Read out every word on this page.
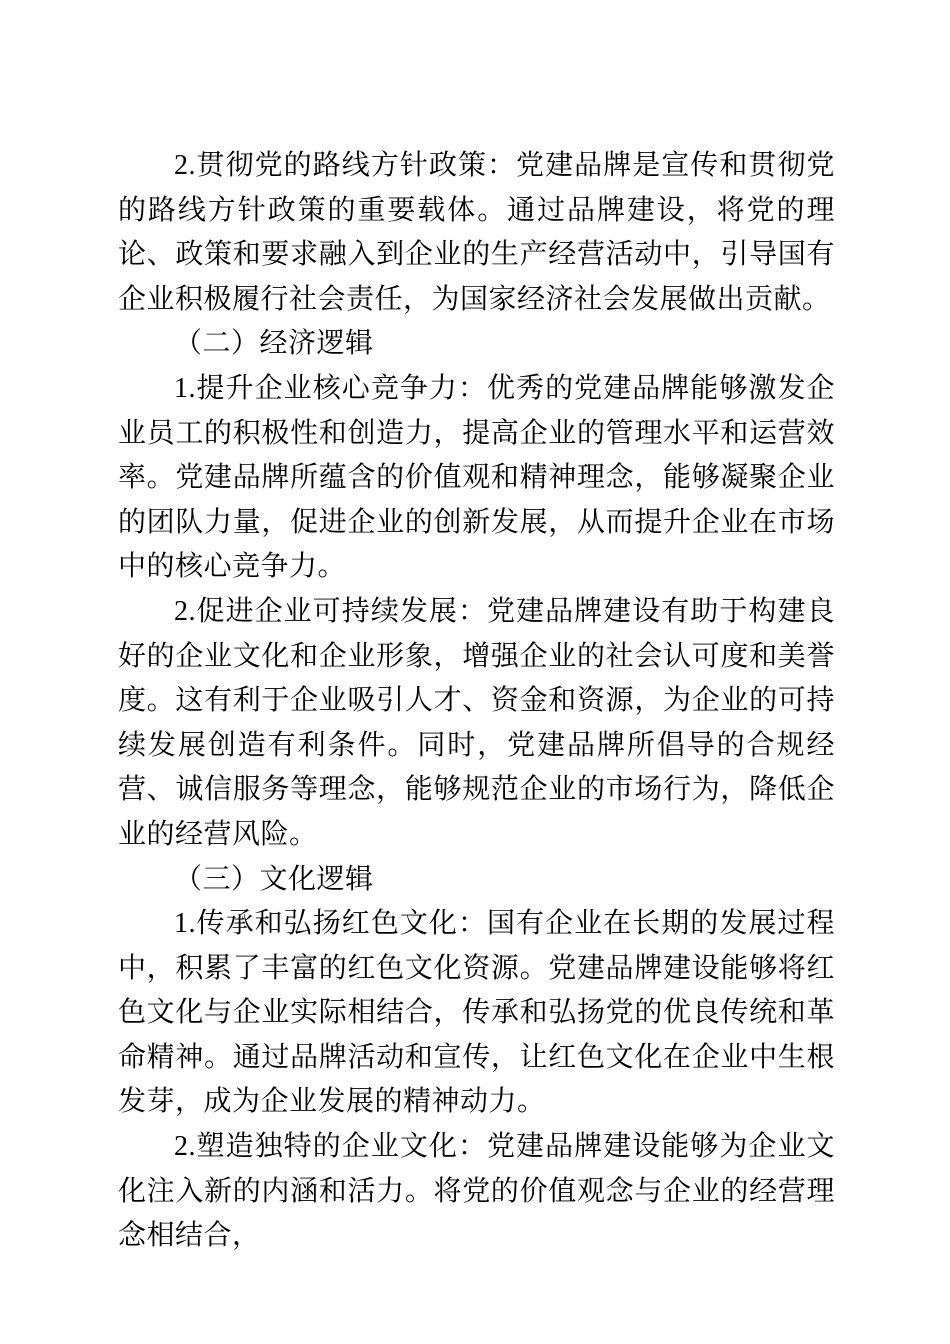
2.贯彻党的路线方针政策：党建品牌是宣传和贯彻党的路线方针政策的重要载体。通过品牌建设，将党的理论、政策和要求融入到企业的生产经营活动中，引导国有企业积极履行社会责任，为国家经济社会发展做出贡献。

（二）经济逻辑

1.提升企业核心竞争力：优秀的党建品牌能够激发企业员工的积极性和创造力，提高企业的管理水平和运营效率。党建品牌所蕴含的价值观和精神理念，能够凝聚企业的团队力量，促进企业的创新发展，从而提升企业在市场中的核心竞争力。

2.促进企业可持续发展：党建品牌建设有助于构建良好的企业文化和企业形象，增强企业的社会认可度和美誉度。这有利于企业吸引人才、资金和资源，为企业的可持续发展创造有利条件。同时，党建品牌所倡导的合规经营、诚信服务等理念，能够规范企业的市场行为，降低企业的经营风险。

（三）文化逻辑

1.传承和弘扬红色文化：国有企业在长期的发展过程中，积累了丰富的红色文化资源。党建品牌建设能够将红色文化与企业实际相结合，传承和弘扬党的优良传统和革命精神。通过品牌活动和宣传，让红色文化在企业中生根发芽，成为企业发展的精神动力。

2.塑造独特的企业文化：党建品牌建设能够为企业文化注入新的内涵和活力。将党的价值观念与企业的经营理念相结合，
